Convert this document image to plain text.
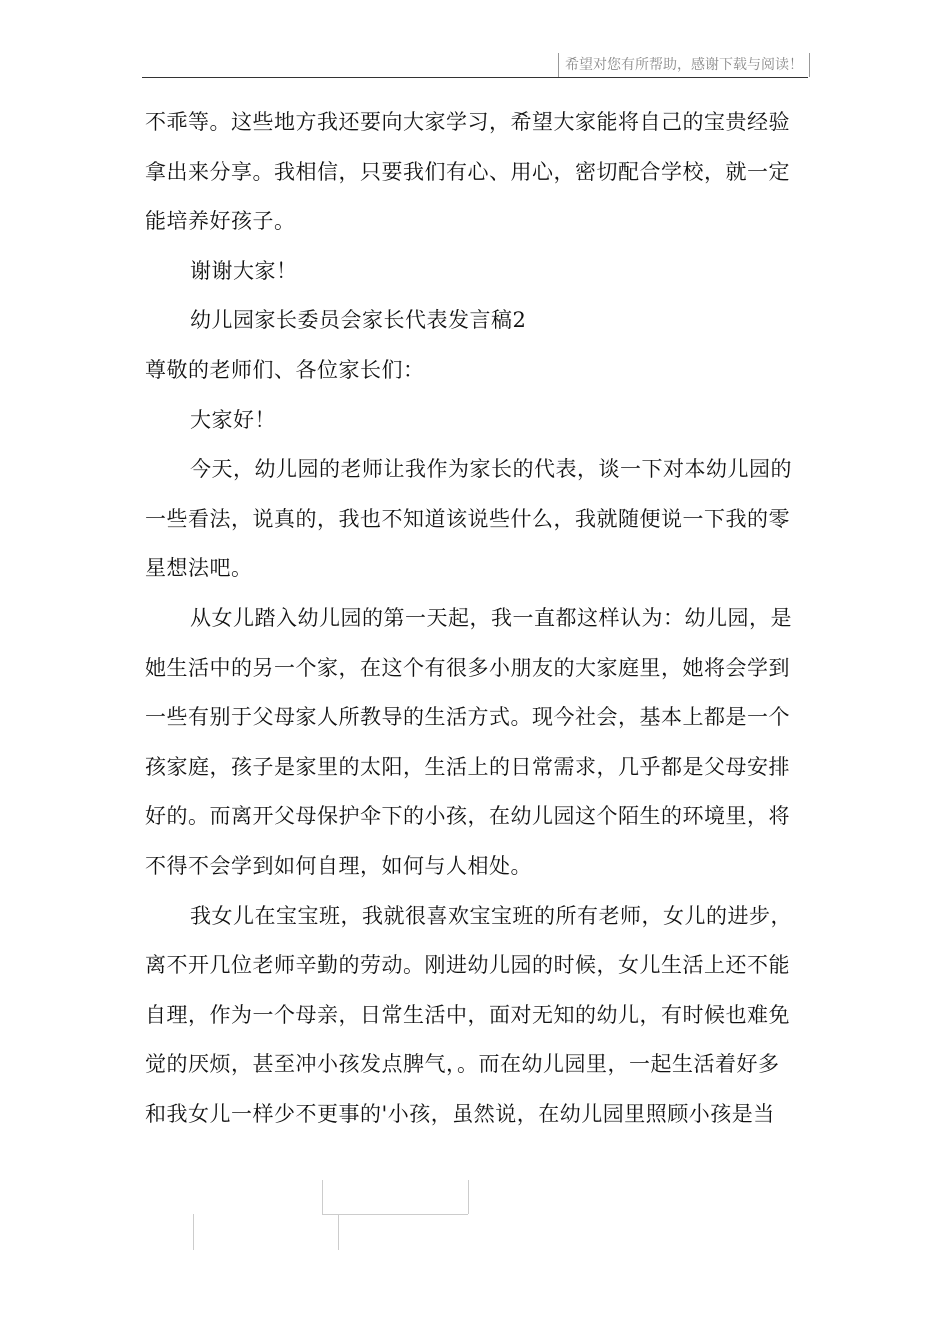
希望对您有所帮助，感谢下载与阅读！
不乖等。这些地方我还要向大家学习，希望大家能将自己的宝贵经验
拿出来分享。我相信，只要我们有心、用心，密切配合学校，就一定
能培养好孩子。
谢谢大家！
幼儿园家长委员会家长代表发言稿2
尊敬的老师们、各位家长们：
大家好！
今天，幼儿园的老师让我作为家长的代表，谈一下对本幼儿园的
一些看法，说真的，我也不知道该说些什么，我就随便说一下我的零
星想法吧。
从女儿踏入幼儿园的第一天起，我一直都这样认为：幼儿园，是
她生活中的另一个家，在这个有很多小朋友的大家庭里，她将会学到
一些有别于父母家人所教导的生活方式。现今社会，基本上都是一个
孩家庭，孩子是家里的太阳，生活上的日常需求，几乎都是父母安排
好的。而离开父母保护伞下的小孩，在幼儿园这个陌生的环境里，将
不得不会学到如何自理，如何与人相处。
我女儿在宝宝班，我就很喜欢宝宝班的所有老师，女儿的进步，
离不开几位老师辛勤的劳动。刚进幼儿园的时候，女儿生活上还不能
自理，作为一个母亲，日常生活中，面对无知的幼儿，有时候也难免
觉的厌烦，甚至冲小孩发点脾气，。而在幼儿园里，一起生活着好多
和我女儿一样少不更事的'小孩，虽然说，在幼儿园里照顾小孩是当
